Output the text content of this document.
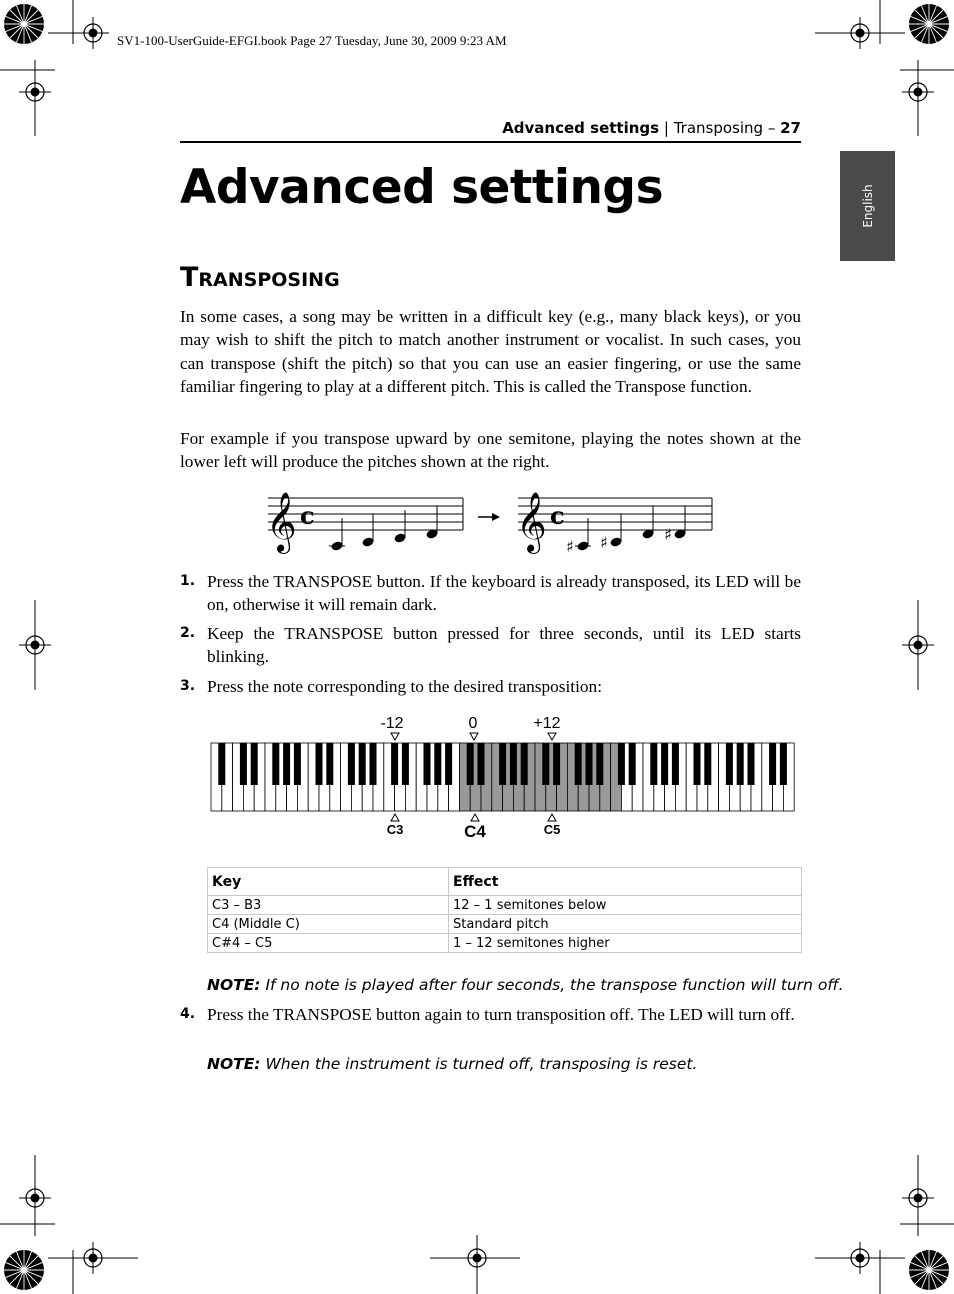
SV1-100-UserGuide-EFGI.book Page 27 Tuesday, June 30, 2009 9:23 AM
Advanced settings | Transposing – 27
English
Advanced settings
Transposing
In some cases, a song may be written in a difficult key (e.g., many black keys), or you may wish to shift the pitch to match another instrument or vocalist. In such cases, you can transpose (shift the pitch) so that you can use an easier fingering, or use the same familiar fingering to play at a different pitch. This is called the Transpose function.
For example if you transpose upward by one semitone, playing the notes shown at the lower left will produce the pitches shown at the right.
𝄞 c	𝄞 c
♯ ♯	♯
1. Press the TRANSPOSE button. If the keyboard is already transposed, its LED will be on, otherwise it will remain dark.
2. Keep the TRANSPOSE button pressed for three seconds, until its LED starts blinking.
3. Press the note corresponding to the desired transposition:
-12	0	+12
C3	C4	C5
Key	Effect
C3 – B3	12 – 1 semitones below
C4 (Middle C)	Standard pitch
C#4 – C5	1 – 12 semitones higher
NOTE: If no note is played after four seconds, the transpose function will turn off.
4. Press the TRANSPOSE button again to turn transposition off. The LED will turn off.
NOTE: When the instrument is turned off, transposing is reset.
